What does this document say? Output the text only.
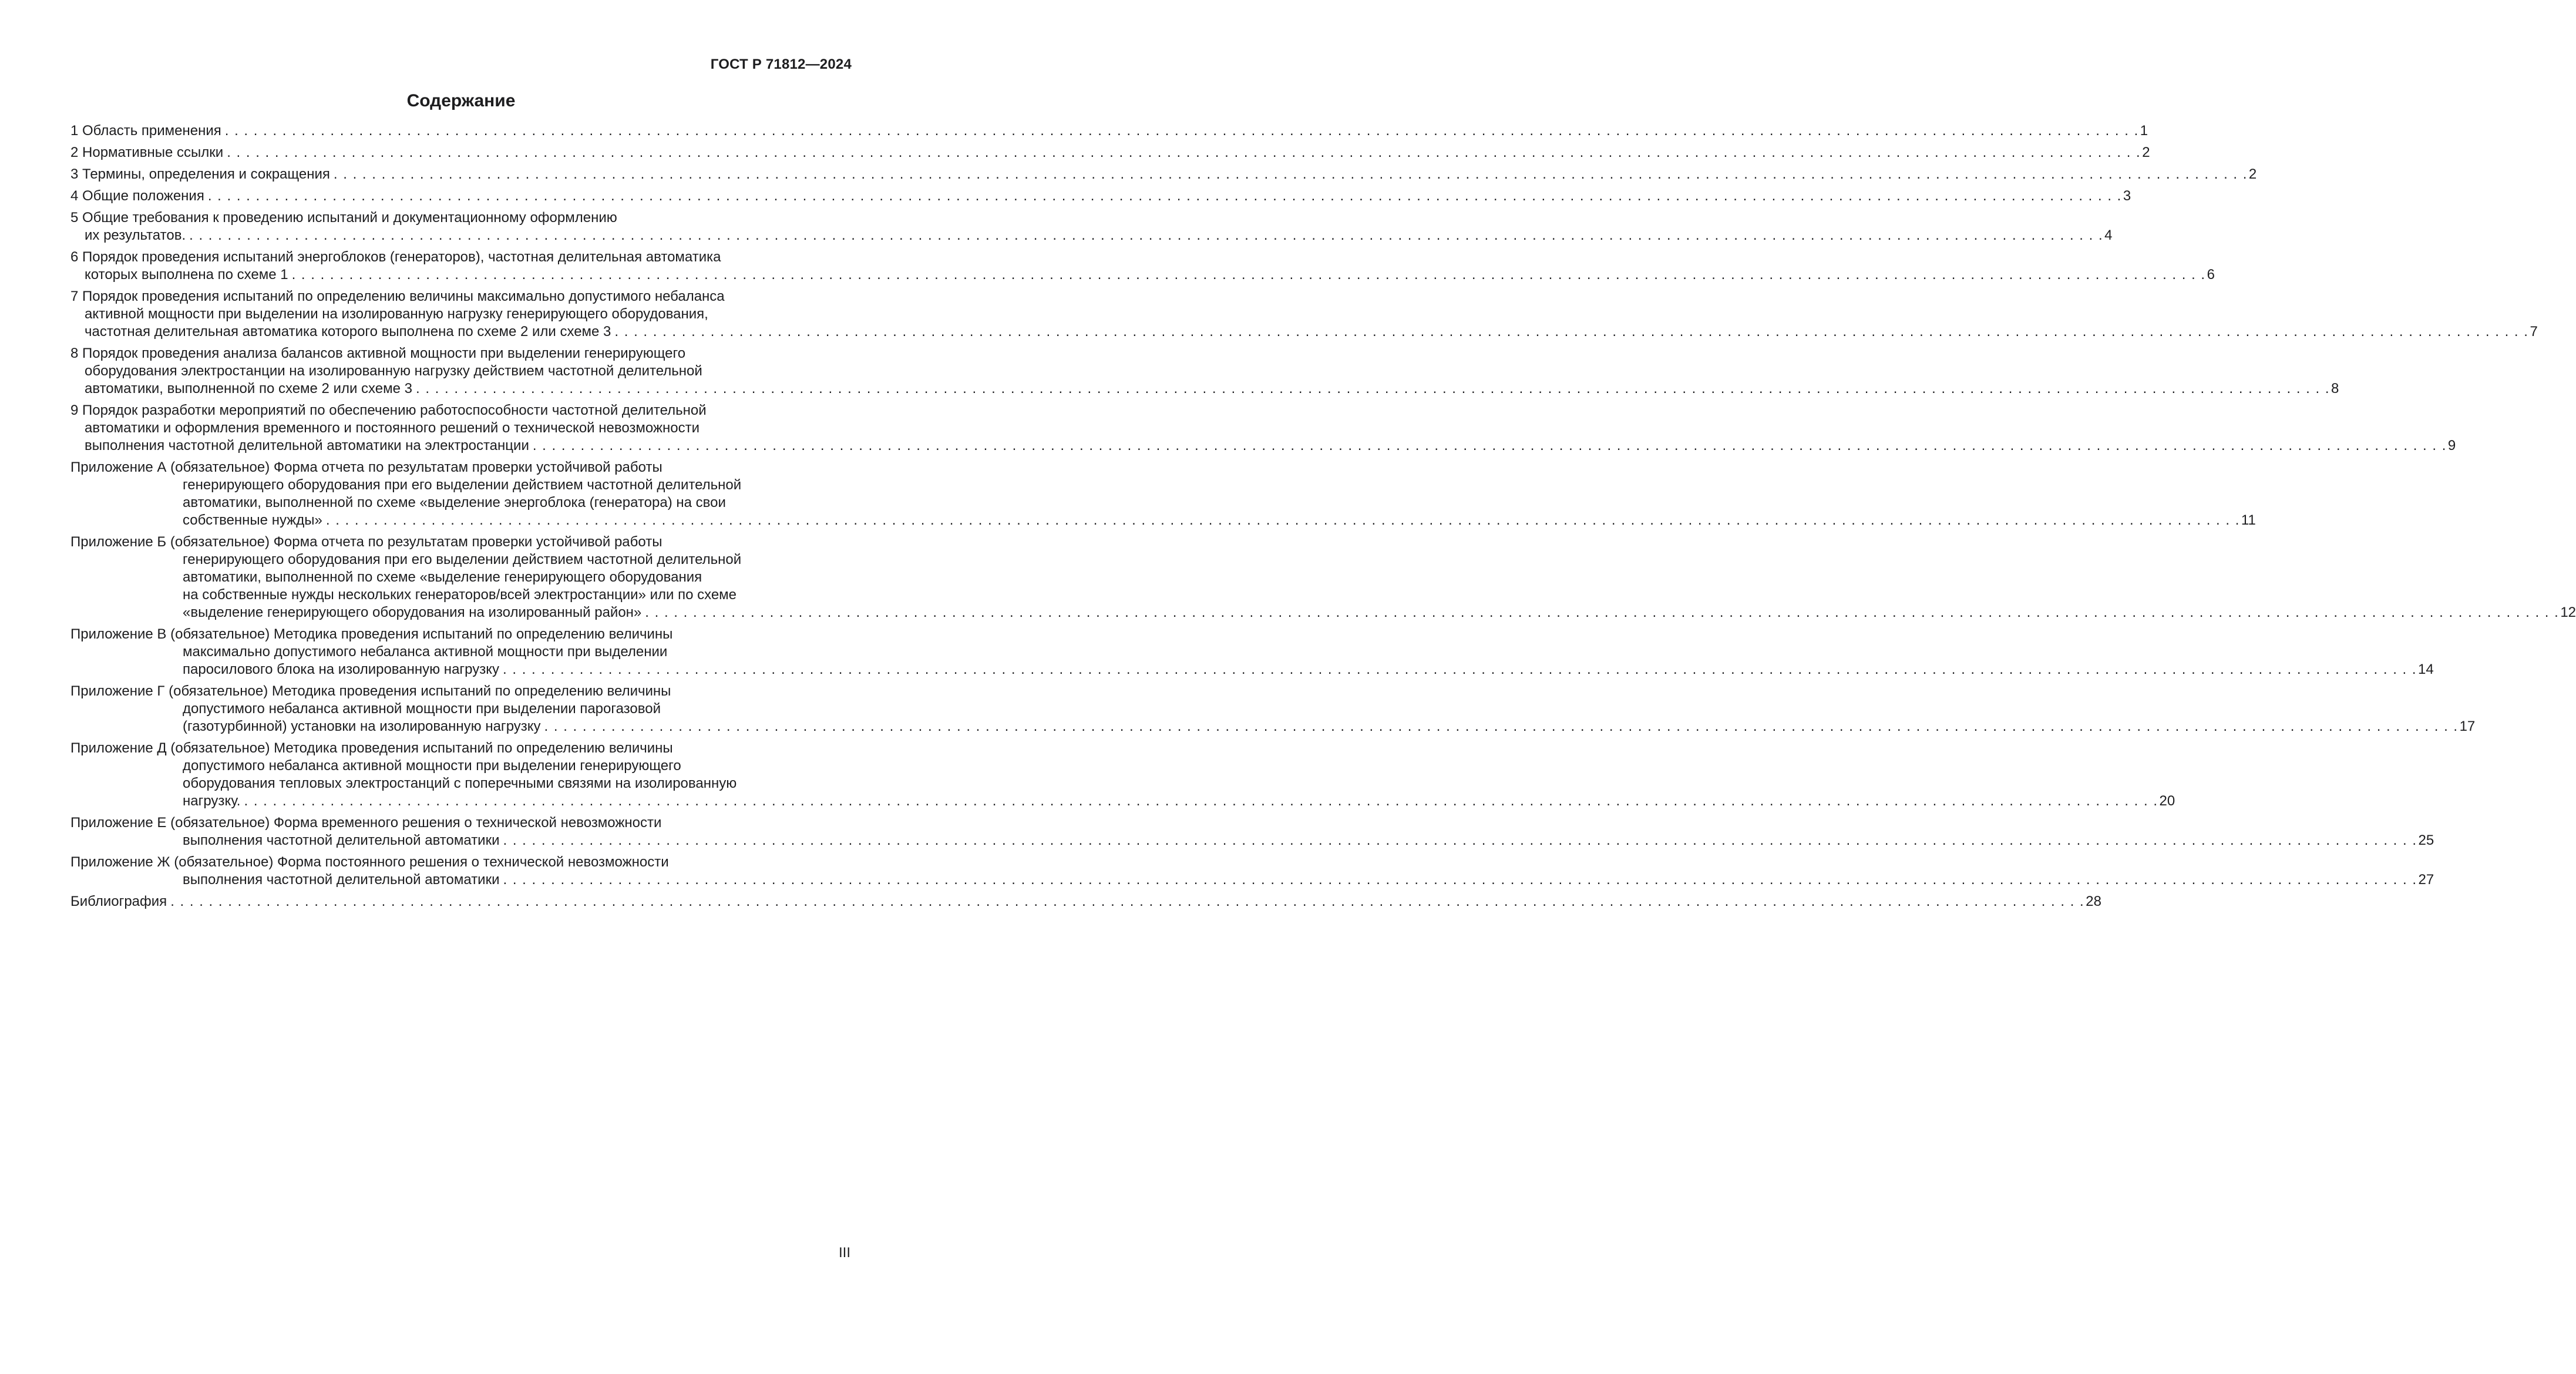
ГОСТ Р 71812—2024
Содержание
1 Область применения . . . . . . . . . . . . . . . . . . . . . . . . . . . . . . . . . . . . . . . . . . . . . . . . . . . . . . . . . . . . . . . . . . . . . . . . . . . . . . . . . . . . . . . . . . . . . . . . . . . . . . . . . . . . . . . . . . . . . . . . . . . . . . . . . . . . . . . . . . . . . . . . . . . . . . . . . . . . . . . . . . . . . . . . . . . . . . . . . . . . . . . . . . . . . . . . . . . . . . . . 1
2 Нормативные ссылки . . . . . . . . . . . . . . . . . . . . . . . . . . . . . . . . . . . . . . . . . . . . . . . . . . . . . . . . . . . . . . . . . . . . . . . . . . . . . . . . . . . . . . . . . . . . . . . . . . . . . . . . . . . . . . . . . . . . . . . . . . . . . . . . . . . . . . . . . . . . . . . . . . . . . . . . . . . . . . . . . . . . . . . . . . . . . . . . . . . . . . . . . . . . . . . . . . . . . . . . 2
3 Термины, определения и сокращения . . . . . . . . . . . . . . . . . . . . . . . . . . . . . . . . . . . . . . . . . . . . . . . . . . . . . . . . . . . . . . . . . . . . . . . . . . . . . . . . . . . . . . . . . . . . . . . . . . . . . . . . . . . . . . . . . . . . . . . . . . . . . . . . . . . . . . . . . . . . . . . . . . . . . . . . . . . . . . . . . . . . . . . . . . . . . . . . . . . . . . . . . . . . . . . . . . . . . . . . 2
4 Общие положения . . . . . . . . . . . . . . . . . . . . . . . . . . . . . . . . . . . . . . . . . . . . . . . . . . . . . . . . . . . . . . . . . . . . . . . . . . . . . . . . . . . . . . . . . . . . . . . . . . . . . . . . . . . . . . . . . . . . . . . . . . . . . . . . . . . . . . . . . . . . . . . . . . . . . . . . . . . . . . . . . . . . . . . . . . . . . . . . . . . . . . . . . . . . . . . . . . . . . . . . 3
5 Общие требования к проведению испытаний и документационному оформлению
их результатов. . . . . . . . . . . . . . . . . . . . . . . . . . . . . . . . . . . . . . . . . . . . . . . . . . . . . . . . . . . . . . . . . . . . . . . . . . . . . . . . . . . . . . . . . . . . . . . . . . . . . . . . . . . . . . . . . . . . . . . . . . . . . . . . . . . . . . . . . . . . . . . . . . . . . . . . . . . . . . . . . . . . . . . . . . . . . . . . . . . . . . . . . . . . . . . . . . . . . . . . . 4
6 Порядок проведения испытаний энергоблоков (генераторов), частотная делительная автоматика
которых выполнена по схеме 1 . . . . . . . . . . . . . . . . . . . . . . . . . . . . . . . . . . . . . . . . . . . . . . . . . . . . . . . . . . . . . . . . . . . . . . . . . . . . . . . . . . . . . . . . . . . . . . . . . . . . . . . . . . . . . . . . . . . . . . . . . . . . . . . . . . . . . . . . . . . . . . . . . . . . . . . . . . . . . . . . . . . . . . . . . . . . . . . . . . . . . . . . . . . . . . . . . . . . . . . . 6
7 Порядок проведения испытаний по определению величины максимально допустимого небаланса
активной мощности при выделении на изолированную нагрузку генерирующего оборудования,
частотная делительная автоматика которого выполнена по схеме 2 или схеме 3 . . . . . . . . . . . . . . . . . . . . . . . . . . . . . . . . . . . . . . . . . . . . . . . . . . . . . . . . . . . . . . . . . . . . . . . . . . . . . . . . . . . . . . . . . . . . . . . . . . . . . . . . . . . . . . . . . . . . . . . . . . . . . . . . . . . . . . . . . . . . . . . . . . . . . . . . . . . . . . . . . . . . . . . . . . . . . . . . . . . . . . . . . . . . . . . . . . . . . . . . 7
8 Порядок проведения анализа балансов активной мощности при выделении генерирующего
оборудования электростанции на изолированную нагрузку действием частотной делительной
автоматики, выполненной по схеме 2 или схеме 3 . . . . . . . . . . . . . . . . . . . . . . . . . . . . . . . . . . . . . . . . . . . . . . . . . . . . . . . . . . . . . . . . . . . . . . . . . . . . . . . . . . . . . . . . . . . . . . . . . . . . . . . . . . . . . . . . . . . . . . . . . . . . . . . . . . . . . . . . . . . . . . . . . . . . . . . . . . . . . . . . . . . . . . . . . . . . . . . . . . . . . . . . . . . . . . . . . . . . . . . . 8
9 Порядок разработки мероприятий по обеспечению работоспособности частотной делительной
автоматики и оформления временного и постоянного решений о технической невозможности
выполнения частотной делительной автоматики на электростанции . . . . . . . . . . . . . . . . . . . . . . . . . . . . . . . . . . . . . . . . . . . . . . . . . . . . . . . . . . . . . . . . . . . . . . . . . . . . . . . . . . . . . . . . . . . . . . . . . . . . . . . . . . . . . . . . . . . . . . . . . . . . . . . . . . . . . . . . . . . . . . . . . . . . . . . . . . . . . . . . . . . . . . . . . . . . . . . . . . . . . . . . . . . . . . . . . . . . . . . . 9
Приложение А (обязательное) Форма отчета по результатам проверки устойчивой работы
генерирующего оборудования при его выделении действием частотной делительной
автоматики, выполненной по схеме «выделение энергоблока (генератора) на свои
собственные нужды» . . . . . . . . . . . . . . . . . . . . . . . . . . . . . . . . . . . . . . . . . . . . . . . . . . . . . . . . . . . . . . . . . . . . . . . . . . . . . . . . . . . . . . . . . . . . . . . . . . . . . . . . . . . . . . . . . . . . . . . . . . . . . . . . . . . . . . . . . . . . . . . . . . . . . . . . . . . . . . . . . . . . . . . . . . . . . . . . . . . . . . . . . . . . . . . . . . . . . . . . 11
Приложение Б (обязательное) Форма отчета по результатам проверки устойчивой работы
генерирующего оборудования при его выделении действием частотной делительной
автоматики, выполненной по схеме «выделение генерирующего оборудования
на собственные нужды нескольких генераторов/всей электростанции» или по схеме
«выделение генерирующего оборудования на изолированный район» . . . . . . . . . . . . . . . . . . . . . . . . . . . . . . . . . . . . . . . . . . . . . . . . . . . . . . . . . . . . . . . . . . . . . . . . . . . . . . . . . . . . . . . . . . . . . . . . . . . . . . . . . . . . . . . . . . . . . . . . . . . . . . . . . . . . . . . . . . . . . . . . . . . . . . . . . . . . . . . . . . . . . . . . . . . . . . . . . . . . . . . . . . . . . . . . . . . . . . . . 12
Приложение В (обязательное) Методика проведения испытаний по определению величины
максимально допустимого небаланса активной мощности при выделении
паросилового блока на изолированную нагрузку . . . . . . . . . . . . . . . . . . . . . . . . . . . . . . . . . . . . . . . . . . . . . . . . . . . . . . . . . . . . . . . . . . . . . . . . . . . . . . . . . . . . . . . . . . . . . . . . . . . . . . . . . . . . . . . . . . . . . . . . . . . . . . . . . . . . . . . . . . . . . . . . . . . . . . . . . . . . . . . . . . . . . . . . . . . . . . . . . . . . . . . . . . . . . . . . . . . . . . . . 14
Приложение Г (обязательное) Методика проведения испытаний по определению величины
допустимого небаланса активной мощности при выделении парогазовой
(газотурбинной) установки на изолированную нагрузку . . . . . . . . . . . . . . . . . . . . . . . . . . . . . . . . . . . . . . . . . . . . . . . . . . . . . . . . . . . . . . . . . . . . . . . . . . . . . . . . . . . . . . . . . . . . . . . . . . . . . . . . . . . . . . . . . . . . . . . . . . . . . . . . . . . . . . . . . . . . . . . . . . . . . . . . . . . . . . . . . . . . . . . . . . . . . . . . . . . . . . . . . . . . . . . . . . . . . . . . 17
Приложение Д (обязательное) Методика проведения испытаний по определению величины
допустимого небаланса активной мощности при выделении генерирующего
оборудования тепловых электростанций с поперечными связями на изолированную
нагрузку. . . . . . . . . . . . . . . . . . . . . . . . . . . . . . . . . . . . . . . . . . . . . . . . . . . . . . . . . . . . . . . . . . . . . . . . . . . . . . . . . . . . . . . . . . . . . . . . . . . . . . . . . . . . . . . . . . . . . . . . . . . . . . . . . . . . . . . . . . . . . . . . . . . . . . . . . . . . . . . . . . . . . . . . . . . . . . . . . . . . . . . . . . . . . . . . . . . . . . . . . 20
Приложение Е (обязательное) Форма временного решения о технической невозможности
выполнения частотной делительной автоматики . . . . . . . . . . . . . . . . . . . . . . . . . . . . . . . . . . . . . . . . . . . . . . . . . . . . . . . . . . . . . . . . . . . . . . . . . . . . . . . . . . . . . . . . . . . . . . . . . . . . . . . . . . . . . . . . . . . . . . . . . . . . . . . . . . . . . . . . . . . . . . . . . . . . . . . . . . . . . . . . . . . . . . . . . . . . . . . . . . . . . . . . . . . . . . . . . . . . . . . . 25
Приложение Ж (обязательное) Форма постоянного решения о технической невозможности
выполнения частотной делительной автоматики . . . . . . . . . . . . . . . . . . . . . . . . . . . . . . . . . . . . . . . . . . . . . . . . . . . . . . . . . . . . . . . . . . . . . . . . . . . . . . . . . . . . . . . . . . . . . . . . . . . . . . . . . . . . . . . . . . . . . . . . . . . . . . . . . . . . . . . . . . . . . . . . . . . . . . . . . . . . . . . . . . . . . . . . . . . . . . . . . . . . . . . . . . . . . . . . . . . . . . . . 27
Библиография . . . . . . . . . . . . . . . . . . . . . . . . . . . . . . . . . . . . . . . . . . . . . . . . . . . . . . . . . . . . . . . . . . . . . . . . . . . . . . . . . . . . . . . . . . . . . . . . . . . . . . . . . . . . . . . . . . . . . . . . . . . . . . . . . . . . . . . . . . . . . . . . . . . . . . . . . . . . . . . . . . . . . . . . . . . . . . . . . . . . . . . . . . . . . . . . . . . . . . . . 28
III
